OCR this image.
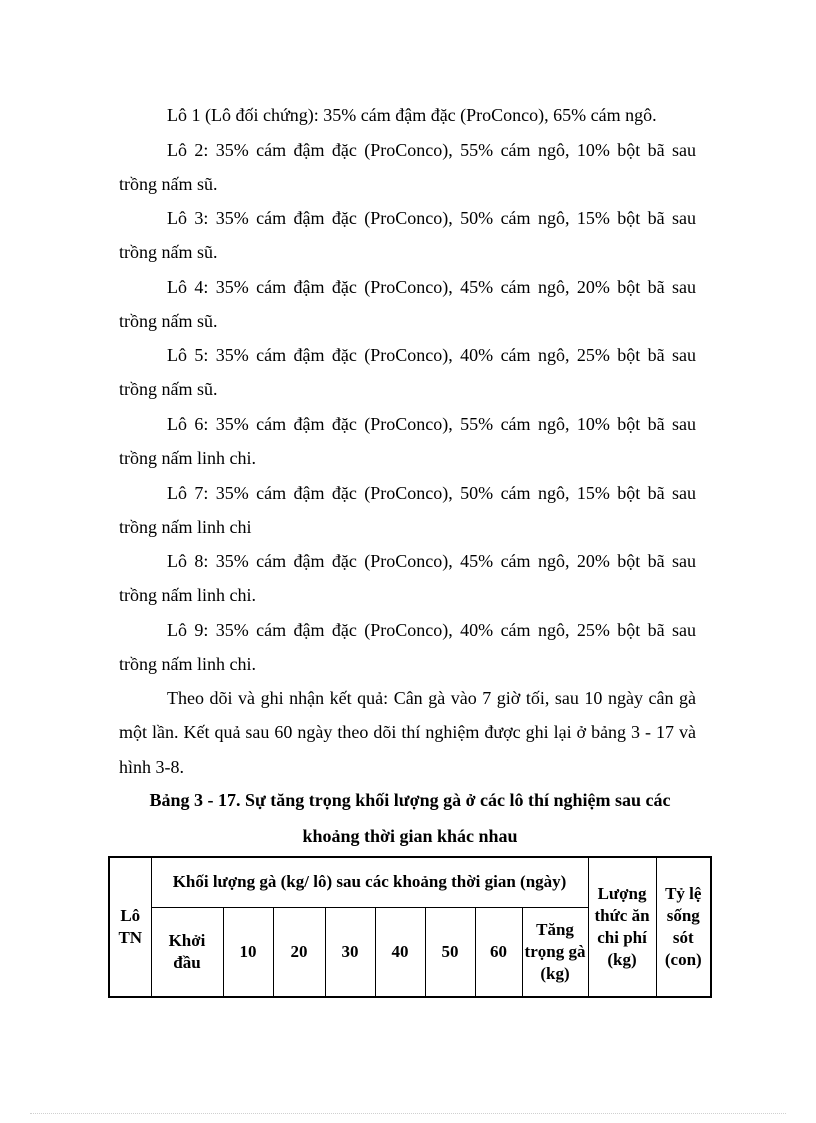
Lô 1 (Lô đối chứng): 35% cám đậm đặc (ProConco), 65% cám ngô.

Lô 2: 35% cám đậm đặc (ProConco), 55% cám ngô, 10% bột bã sau trồng nấm sũ.

Lô 3: 35% cám đậm đặc (ProConco), 50% cám ngô, 15% bột bã sau trồng nấm sũ.

Lô 4: 35% cám đậm đặc (ProConco), 45% cám ngô, 20% bột bã sau trồng nấm sũ.

Lô 5: 35% cám đậm đặc (ProConco), 40% cám ngô, 25% bột bã sau trồng nấm sũ.

Lô 6: 35% cám đậm đặc (ProConco), 55% cám ngô, 10% bột bã sau trồng nấm linh chi.

Lô 7: 35% cám đậm đặc (ProConco), 50% cám ngô, 15% bột bã sau trồng nấm linh chi

Lô 8: 35% cám đậm đặc (ProConco), 45% cám ngô, 20% bột bã sau trồng nấm linh chi.

Lô 9: 35% cám đậm đặc (ProConco), 40% cám ngô, 25% bột bã sau trồng nấm linh chi.

Theo dõi và ghi nhận kết quả: Cân gà vào 7 giờ tối, sau 10 ngày cân gà một lần. Kết quả sau 60 ngày theo dõi thí nghiệm được ghi lại ở bảng 3 - 17 và hình 3-8.

Bảng 3 - 17. Sự tăng trọng khối lượng gà ở các lô thí nghiệm sau các

khoảng thời gian khác nhau

Lô TN	Khối lượng gà (kg/ lô) sau các khoảng thời gian (ngày)								Lượng thức ăn chi phí (kg)	Tỷ lệ sống sót (con)
	Khởi đầu	10	20	30	40	50	60	Tăng trọng gà (kg)		
